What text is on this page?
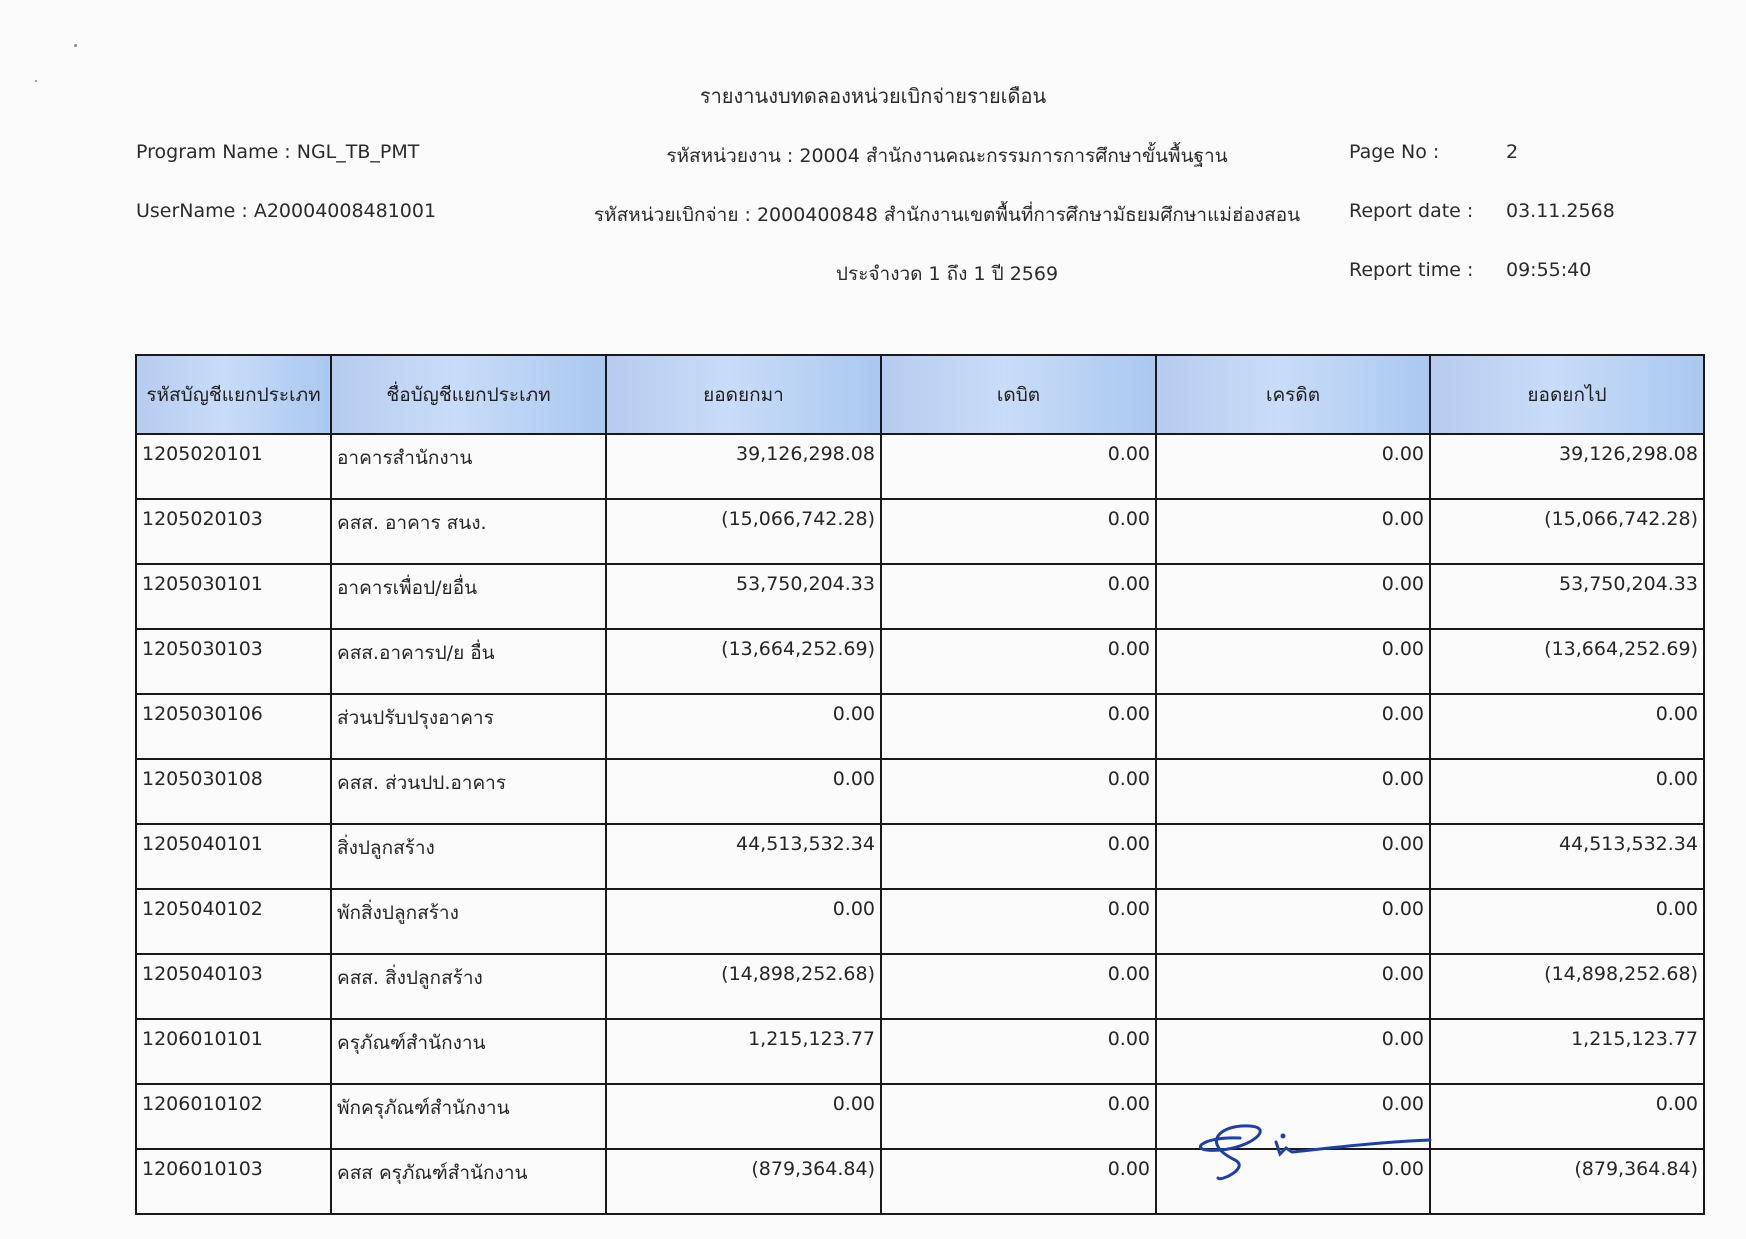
รายงานงบทดลองหน่วยเบิกจ่ายรายเดือน
Program Name : NGL_TB_PMT
UserName : A20004008481001
รหัสหน่วยงาน : 20004 สำนักงานคณะกรรมการการศึกษาขั้นพื้นฐาน
รหัสหน่วยเบิกจ่าย : 2000400848 สำนักงานเขตพื้นที่การศึกษามัธยมศึกษาแม่ฮ่องสอน
ประจำงวด 1 ถึง 1 ปี 2569
Page No :	2
Report date : 03.11.2568
Report time : 09:55:40
รหัสบัญชีแยกประเภท	ชื่อบัญชีแยกประเภท	ยอดยกมา	เดบิต	เครดิต	ยอดยกไป
1205020101	อาคารสำนักงาน	39,126,298.08	0.00	0.00	39,126,298.08
1205020103	คสส. อาคาร สนง.	(15,066,742.28)	0.00	0.00	(15,066,742.28)
1205030101	อาคารเพื่อป/ยอื่น	53,750,204.33	0.00	0.00	53,750,204.33
1205030103	คสส.อาคารป/ย อื่น	(13,664,252.69)	0.00	0.00	(13,664,252.69)
1205030106	ส่วนปรับปรุงอาคาร	0.00	0.00	0.00	0.00
1205030108	คสส. ส่วนปป.อาคาร	0.00	0.00	0.00	0.00
1205040101	สิ่งปลูกสร้าง	44,513,532.34	0.00	0.00	44,513,532.34
1205040102	พักสิ่งปลูกสร้าง	0.00	0.00	0.00	0.00
1205040103	คสส. สิ่งปลูกสร้าง	(14,898,252.68)	0.00	0.00	(14,898,252.68)
1206010101	ครุภัณฑ์สำนักงาน	1,215,123.77	0.00	0.00	1,215,123.77
1206010102	พักครุภัณฑ์สำนักงาน	0.00	0.00	0.00	0.00
1206010103	คสส ครุภัณฑ์สำนักงาน	(879,364.84)	0.00	0.00	(879,364.84)
